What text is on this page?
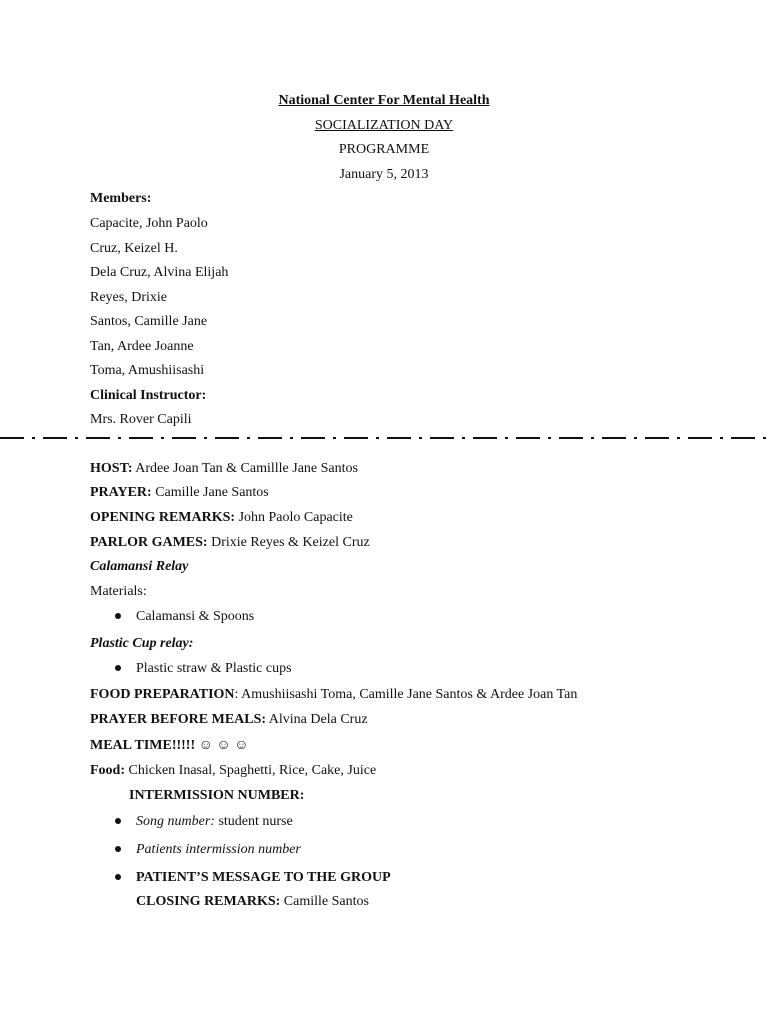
National Center For Mental Health
SOCIALIZATION DAY
PROGRAMME
January 5, 2013
Members:
Capacite, John Paolo
Cruz, Keizel H.
Dela Cruz, Alvina Elijah
Reyes, Drixie
Santos, Camille Jane
Tan, Ardee Joanne
Toma, Amushiisashi
Clinical Instructor:
Mrs. Rover Capili
HOST: Ardee Joan Tan & Camillle Jane Santos
PRAYER: Camille Jane Santos
OPENING REMARKS: John Paolo Capacite
PARLOR GAMES: Drixie Reyes & Keizel Cruz
Calamansi Relay
Materials:
Calamansi & Spoons
Plastic Cup relay:
Plastic straw & Plastic cups
FOOD PREPARATION: Amushiisashi Toma, Camille Jane Santos & Ardee Joan Tan
PRAYER BEFORE MEALS: Alvina Dela Cruz
MEAL TIME!!!!! ☺ ☺ ☺
Food: Chicken Inasal, Spaghetti, Rice, Cake, Juice
INTERMISSION NUMBER:
Song number: student nurse
Patients intermission number
PATIENT’S MESSAGE TO THE GROUP
CLOSING REMARKS: Camille Santos
